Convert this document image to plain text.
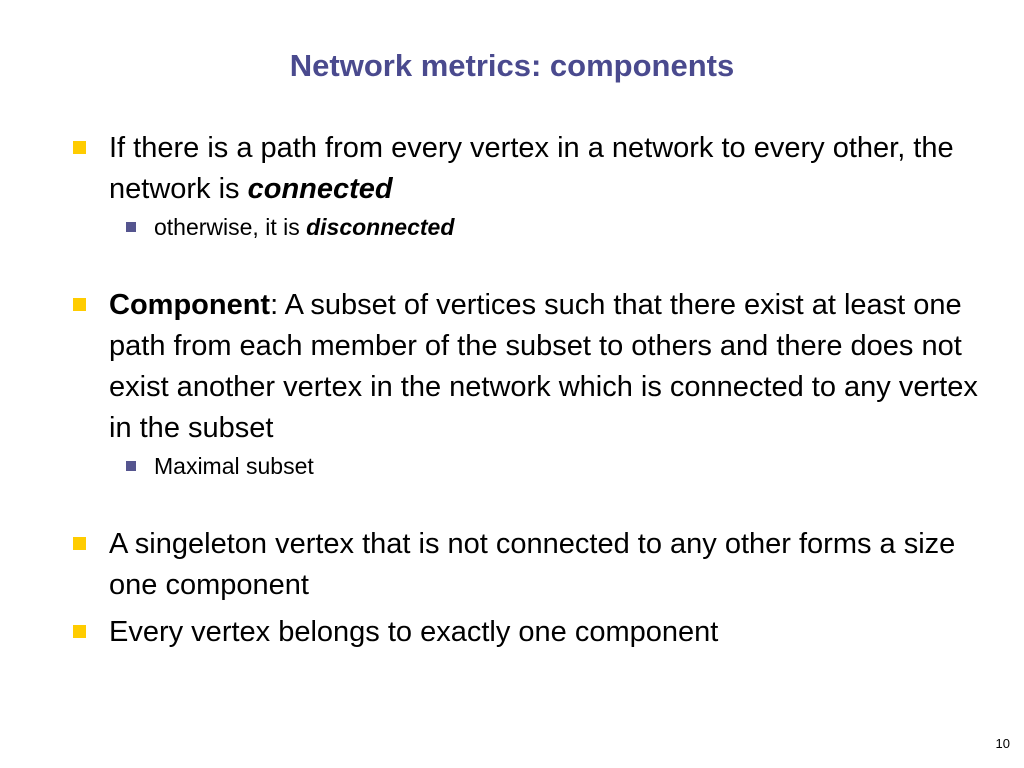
Network metrics: components
If there is a path from every vertex in a network to every other, the network is connected
otherwise, it is disconnected
Component: A subset of vertices such that there exist at least one path from each member of the subset to others and there does not exist another vertex in the network which is connected to any vertex in the subset
Maximal subset
A singeleton vertex that is not connected to any other forms a size one component
Every vertex belongs to exactly one component
10
